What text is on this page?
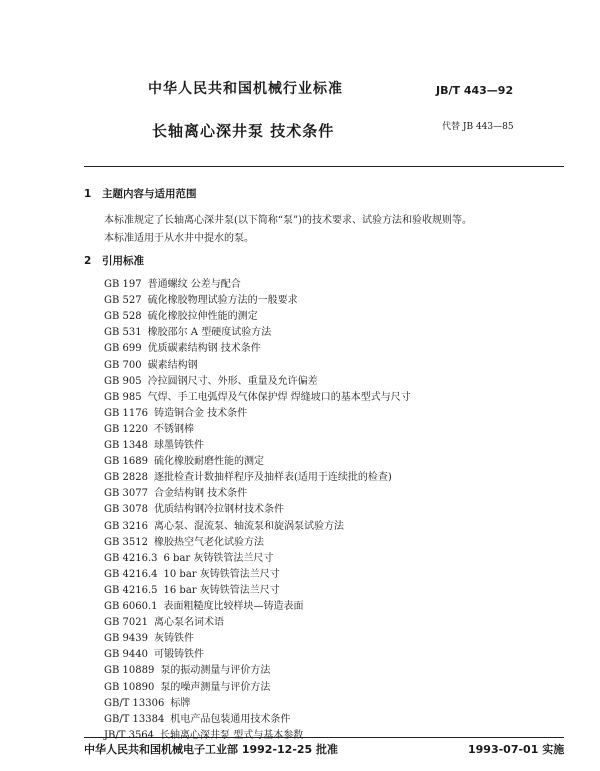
中华人民共和国机械行业标准	JB/T 443—92
长轴离心深井泵 技术条件	代替 JB 443—85
1 主题内容与适用范围
本标准规定了长轴离心深井泵(以下简称“泵”)的技术要求、试验方法和验收规则等。
本标准适用于从水井中提水的泵。
2 引用标准
GB 197 普通螺纹 公差与配合
GB 527 硫化橡胶物理试验方法的一般要求
GB 528 硫化橡胶拉伸性能的测定
GB 531 橡胶邵尔 A 型硬度试验方法
GB 699 优质碳素结构钢 技术条件
GB 700 碳素结构钢
GB 905 冷拉圆钢尺寸、外形、重量及允许偏差
GB 985 气焊、手工电弧焊及气体保护焊 焊缝坡口的基本型式与尺寸
GB 1176 铸造铜合金 技术条件
GB 1220 不锈钢棒
GB 1348 球墨铸铁件
GB 1689 硫化橡胶耐磨性能的测定
GB 2828 逐批检查计数抽样程序及抽样表(适用于连续批的检查)
GB 3077 合金结构钢 技术条件
GB 3078 优质结构钢冷拉钢材技术条件
GB 3216 离心泵、混流泵、轴流泵和旋涡泵试验方法
GB 3512 橡胶热空气老化试验方法
GB 4216.3 6 bar 灰铸铁管法兰尺寸
GB 4216.4 10 bar 灰铸铁管法兰尺寸
GB 4216.5 16 bar 灰铸铁管法兰尺寸
GB 6060.1 表面粗糙度比较样块—铸造表面
GB 7021 离心泵名词术语
GB 9439 灰铸铁件
GB 9440 可锻铸铁件
GB 10889 泵的振动测量与评价方法
GB 10890 泵的噪声测量与评价方法
GB/T 13306 标牌
GB/T 13384 机电产品包装通用技术条件
JB/T 3564 长轴离心深井泵 型式与基本参数
中华人民共和国机械电子工业部 1992-12-25 批准	1993-07-01 实施
